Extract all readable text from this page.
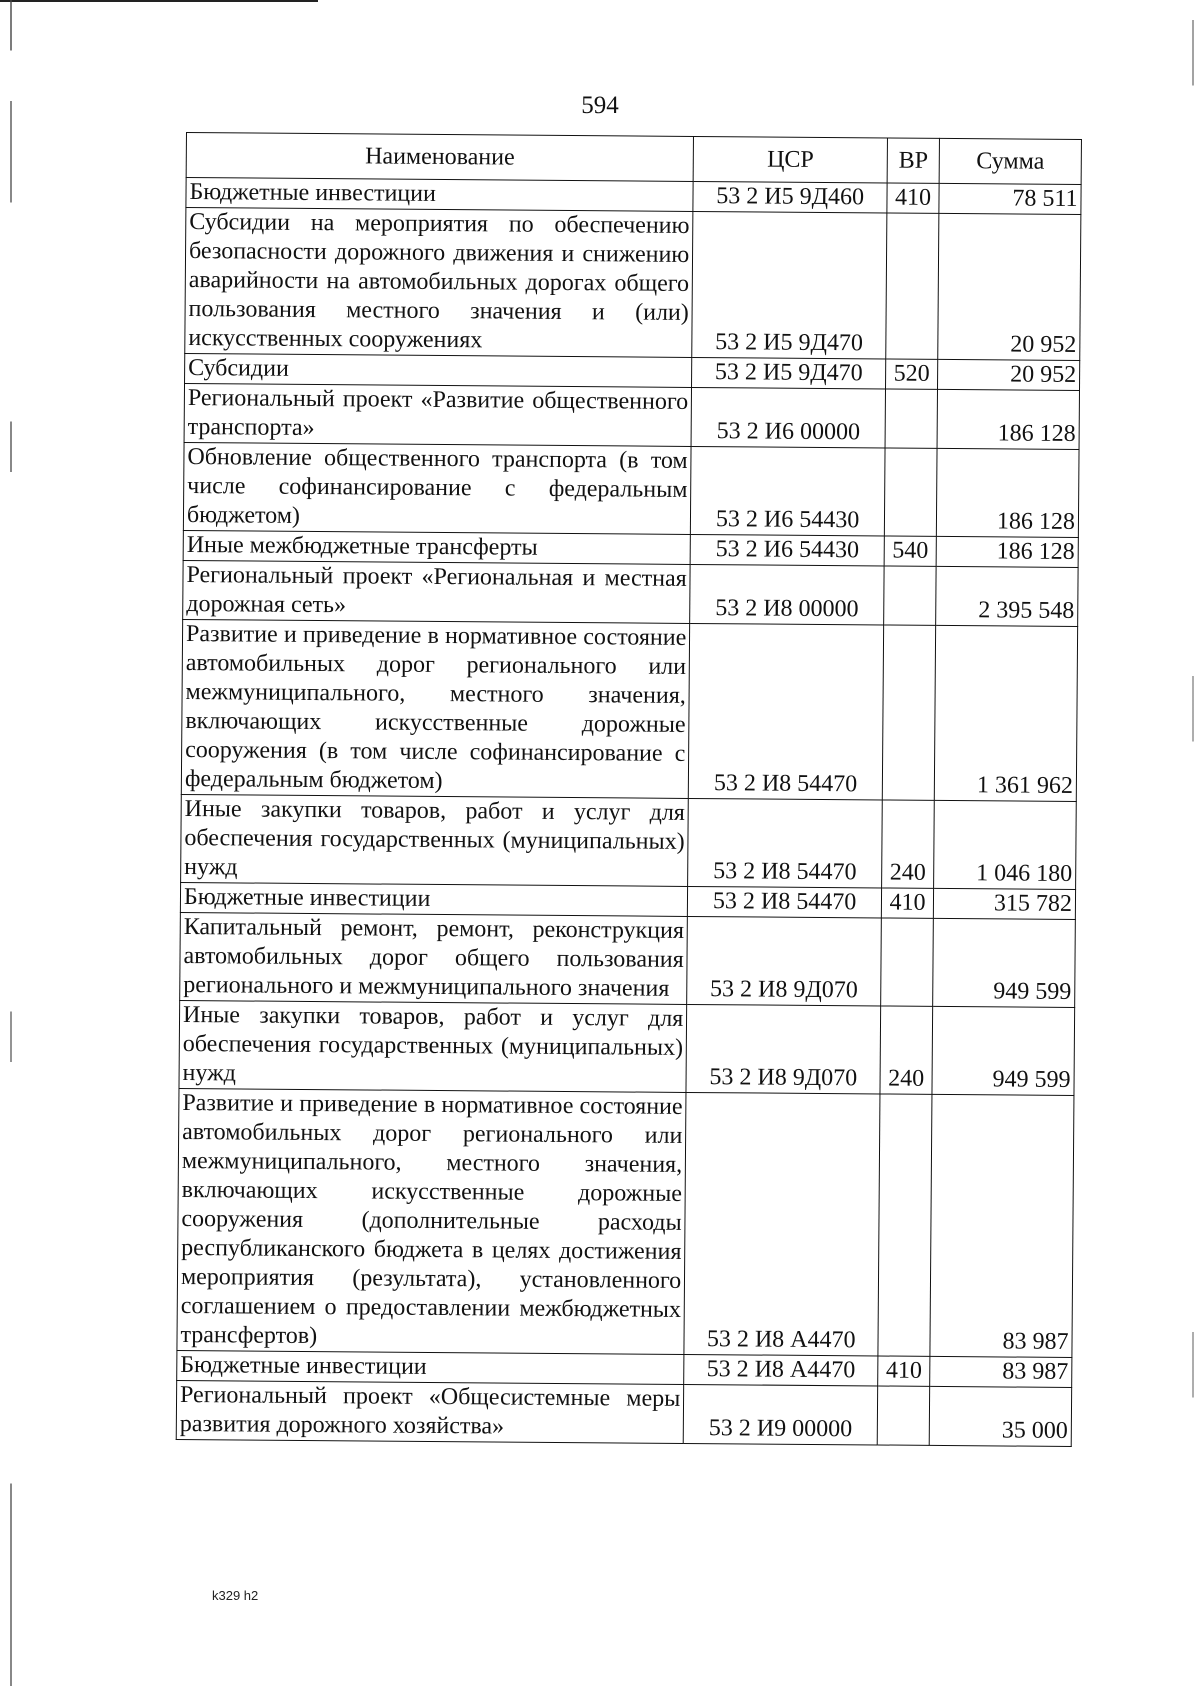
594
Наименование	ЦСР	ВР	Сумма
Бюджетные инвестиции	53 2 И5 9Д460	410	78 511
Субсидии на мероприятия по обеспечению безопасности дорожного движения и снижению аварийности на автомобильных дорогах общего пользования местного значения и (или) искусственных сооружениях	53 2 И5 9Д470		20 952
Субсидии	53 2 И5 9Д470	520	20 952
Региональный проект «Развитие общественного транспорта»	53 2 И6 00000		186 128
Обновление общественного транспорта (в том числе софинансирование с федеральным бюджетом)	53 2 И6 54430		186 128
Иные межбюджетные трансферты	53 2 И6 54430	540	186 128
Региональный проект «Региональная и местная дорожная сеть»	53 2 И8 00000		2 395 548
Развитие и приведение в нормативное состояние автомобильных дорог регионального или межмуниципального, местного значения, включающих искусственные дорожные сооружения (в том числе софинансирование с федеральным бюджетом)	53 2 И8 54470		1 361 962
Иные закупки товаров, работ и услуг для обеспечения государственных (муниципальных) нужд	53 2 И8 54470	240	1 046 180
Бюджетные инвестиции	53 2 И8 54470	410	315 782
Капитальный ремонт, ремонт, реконструкция автомобильных дорог общего пользования регионального и межмуниципального значения	53 2 И8 9Д070		949 599
Иные закупки товаров, работ и услуг для обеспечения государственных (муниципальных) нужд	53 2 И8 9Д070	240	949 599
Развитие и приведение в нормативное состояние автомобильных дорог регионального или межмуниципального, местного значения, включающих искусственные дорожные сооружения (дополнительные расходы республиканского бюджета в целях достижения мероприятия (результата), установленного соглашением о предоставлении межбюджетных трансфертов)	53 2 И8 А4470		83 987
Бюджетные инвестиции	53 2 И8 А4470	410	83 987
Региональный проект «Общесистемные меры развития дорожного хозяйства»	53 2 И9 00000		35 000
k329 h2
